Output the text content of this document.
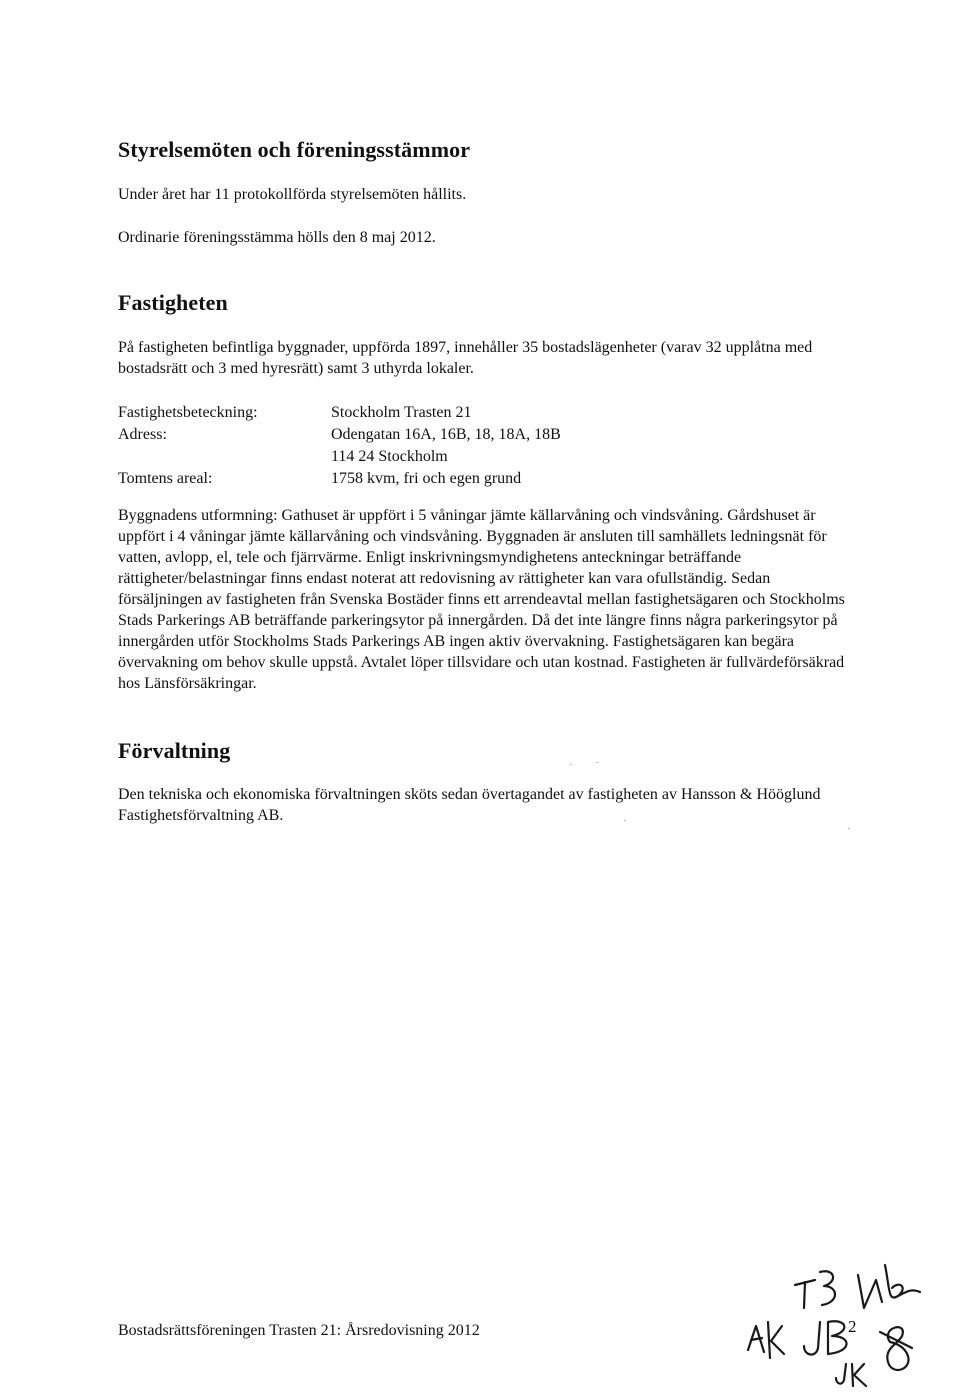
Styrelsemöten och föreningsstämmor

Under året har 11 protokollförda styrelsemöten hållits.

Ordinarie föreningsstämma hölls den 8 maj 2012.

Fastigheten

På fastigheten befintliga byggnader, uppförda 1897, innehåller 35 bostadslägenheter (varav 32 upplåtna med bostadsrätt och 3 med hyresrätt) samt 3 uthyrda lokaler.

Fastighetsbeteckning:	Stockholm Trasten 21
Adress:	Odengatan 16A, 16B, 18, 18A, 18B
114 24 Stockholm
Tomtens areal:	1758 kvm, fri och egen grund

Byggnadens utformning: Gathuset är uppfört i 5 våningar jämte källarvåning och vindsvåning. Gårdshuset är uppfört i 4 våningar jämte källarvåning och vindsvåning. Byggnaden är ansluten till samhällets ledningsnät för vatten, avlopp, el, tele och fjärrvärme. Enligt inskrivningsmyndighetens anteckningar beträffande rättigheter/belastningar finns endast noterat att redovisning av rättigheter kan vara ofullständig. Sedan försäljningen av fastigheten från Svenska Bostäder finns ett arrendeavtal mellan fastighetsägaren och Stockholms Stads Parkerings AB beträffande parkeringsytor på innergården. Då det inte längre finns några parkeringsytor på innergården utför Stockholms Stads Parkerings AB ingen aktiv övervakning. Fastighetsägaren kan begära övervakning om behov skulle uppstå. Avtalet löper tillsvidare och utan kostnad. Fastigheten är fullvärdeförsäkrad hos Länsförsäkringar.

Förvaltning

Den tekniska och ekonomiska förvaltningen sköts sedan övertagandet av fastigheten av Hansson & Hööglund Fastighetsförvaltning AB.

Bostadsrättsföreningen Trasten 21: Årsredovisning 2012	2
